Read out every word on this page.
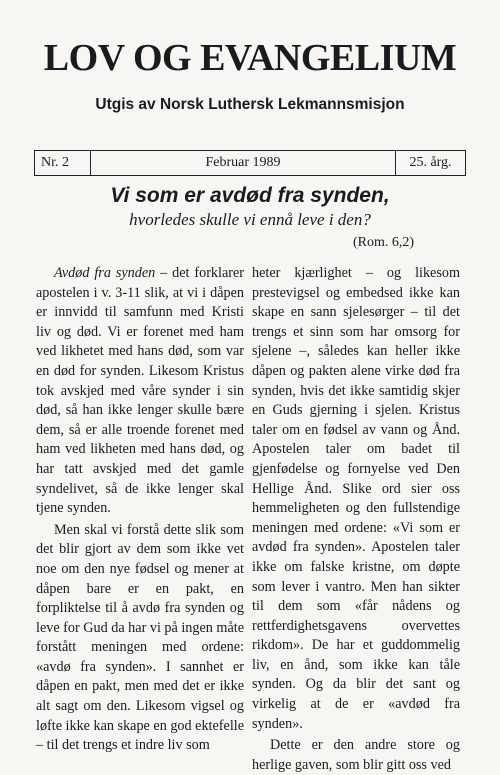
LOV OG EVANGELIUM
Utgis av Norsk Luthersk Lekmannsmisjon
Nr. 2	Februar 1989	25. årg.
Vi som er avdød fra synden,
hvorledes skulle vi ennå leve i den?
(Rom. 6,2)

Avdød fra synden – det forklarer apostelen i v. 3-11 slik, at vi i dåpen er innvidd til samfunn med Kristi liv og død. Vi er forenet med ham ved likhetet med hans død, som var en død for synden. Likesom Kristus tok avskjed med våre synder i sin død, så han ikke lenger skulle bære dem, så er alle troende forenet med ham ved likheten med hans død, og har tatt avskjed med det gamle syndelivet, så de ikke lenger skal tjene synden.

Men skal vi forstå dette slik som det blir gjort av dem som ikke vet noe om den nye fødsel og mener at dåpen bare er en pakt, en forpliktelse til å avdø fra synden og leve for Gud da har vi på ingen måte forstått meningen med ordene: «avdø fra synden». I sannhet er dåpen en pakt, men med det er ikke alt sagt om den. Likesom vigsel og løfte ikke kan skape en god ektefelle – til det trengs et indre liv som

heter kjærlighet – og likesom prestevigsel og embedsed ikke kan skape en sann sjelesørger – til det trengs et sinn som har omsorg for sjelene –, således kan heller ikke dåpen og pakten alene virke død fra synden, hvis det ikke samtidig skjer en Guds gjerning i sjelen. Kristus taler om en fødsel av vann og Ånd. Apostelen taler om badet til gjenfødelse og fornyelse ved Den Hellige Ånd. Slike ord sier oss hemmeligheten og den fullstendige meningen med ordene: «Vi som er avdød fra synden». Apostelen taler ikke om falske kristne, om døpte som lever i vantro. Men han sikter til dem som «får nådens og rettferdighetsgavens overvettes rikdom». De har et guddommelig liv, en ånd, som ikke kan tåle synden. Og da blir det sant og virkelig at de er «avdød fra synden».

Dette er den andre store og herlige gaven, som blir gitt oss ved
